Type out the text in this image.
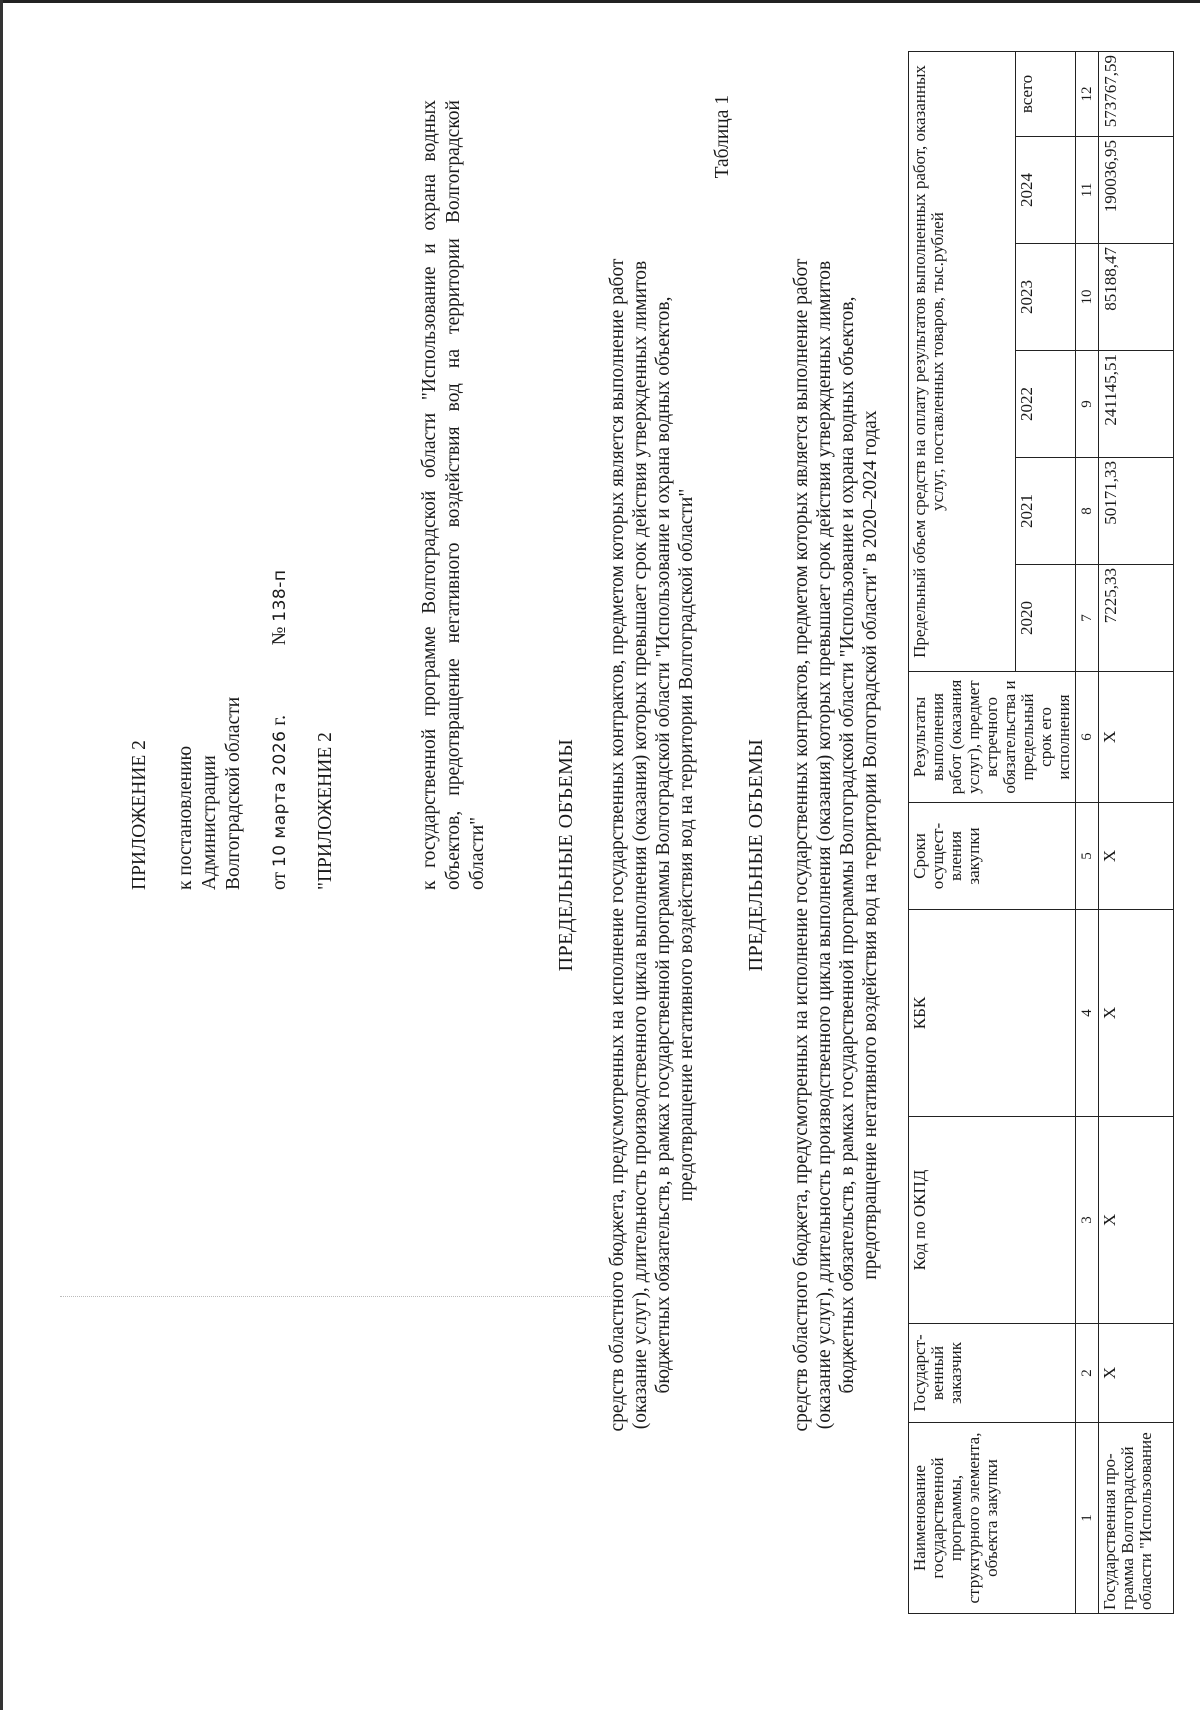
ПРИЛОЖЕНИЕ 2 к постановлению Администрации Волгоградской области от 10 марта 2026 г.  № 138-п
"ПРИЛОЖЕНИЕ 2	к государственной программе Волгоградской области "Использование и охрана водных объектов, предотвращение негативного воздействия вод на территории Волгоградской области"	ПРЕДЕЛЬНЫЕ ОБЪЕМЫ средств областного бюджета, предусмотренных на исполнение государственных контрактов, предметом которых является выполнение работ (оказание услуг), длительность производственного цикла выполнения (оказания) которых превышает срок действия утвержденных лимитов бюджетных обязательств, в рамках государственной программы Волгоградской области "Использование и охрана водных объектов, предотвращение негативного воздействия вод на территории Волгоградской области"
Таблица 1
ПРЕДЕЛЬНЫЕ ОБЪЕМЫ средств областного бюджета, предусмотренных на исполнение государственных контрактов, предметом которых является выполнение работ (оказание услуг), длительность производственного цикла выполнения (оказания) которых превышает срок действия утвержденных лимитов бюджетных обязательств, в рамках государственной программы Волгоградской области "Использование и охрана водных объектов, предотвращение негативного воздействия вод на территории Волгоградской области" в 2020–2024 годах
Наименование государственной программы, структурного элемента, объекта закупки	Государст-венный заказчик	Код по ОКПД	КБК	Сроки осущест-вления закупки	Результаты выполнения работ (оказания услуг), предмет встречного обязательства и предельный срок его исполнения	Предельный объем средств на оплату результатов выполненных работ, оказанных услуг, поставленных товаров, тыс.рублей					
						2020	2021	2022	2023	2024	всего
1	2	3	4	5	6	7	8	9	10	11	12
Государственная про-грамма Волгоградской области "Использование	X	X	X	X	X	7225,33	50171,33	241145,51	85188,47	190036,95	573767,59
